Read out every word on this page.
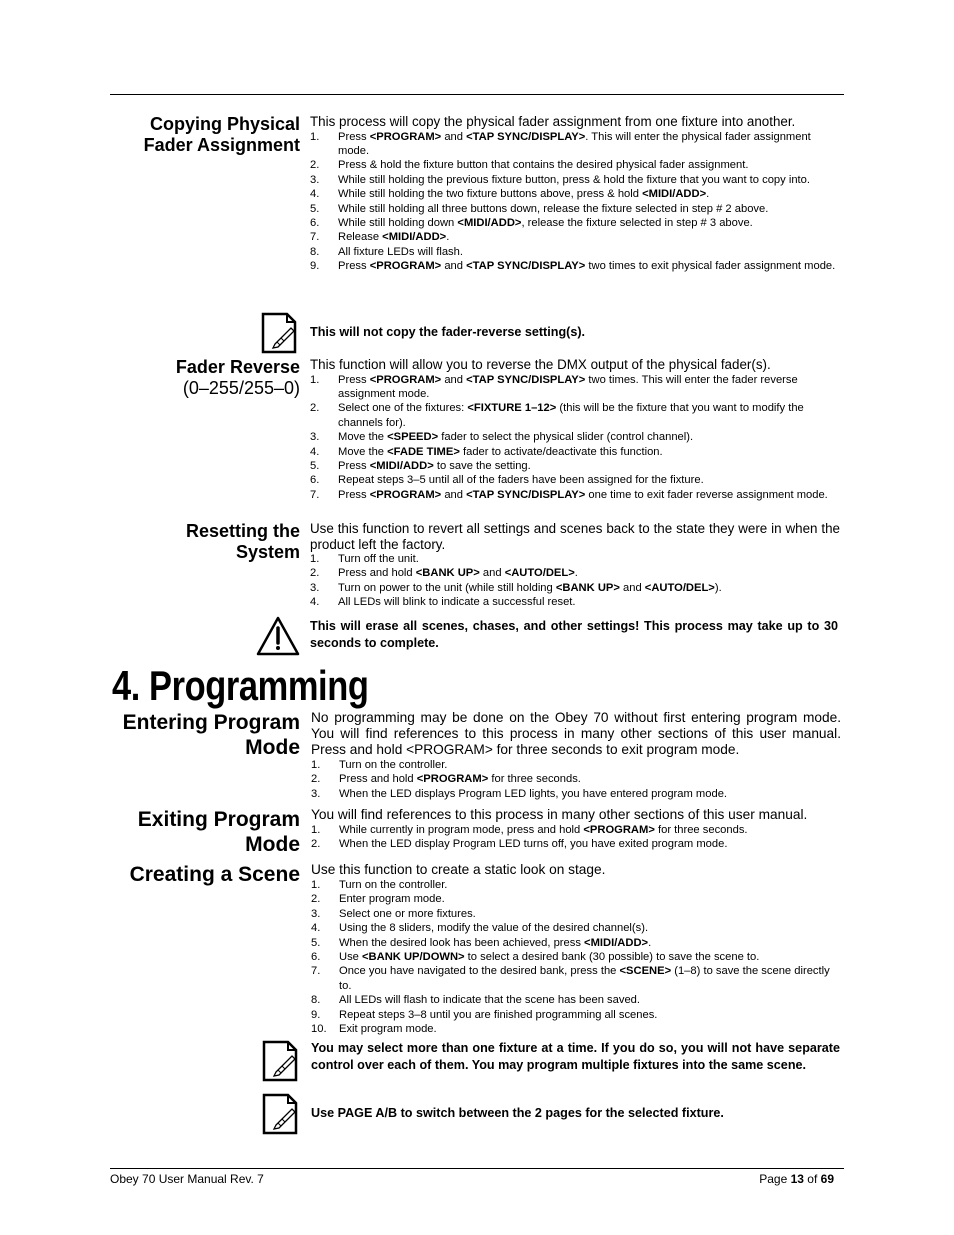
Copying Physical
Fader Assignment

This process will copy the physical fader assignment from one fixture into another.

1. Press <PROGRAM> and <TAP SYNC/DISPLAY>. This will enter the physical fader assignment mode.
2. Press & hold the fixture button that contains the desired physical fader assignment.
3. While still holding the previous fixture button, press & hold the fixture that you want to copy into.
4. While still holding the two fixture buttons above, press & hold <MIDI/ADD>.
5. While still holding all three buttons down, release the fixture selected in step # 2 above.
6. While still holding down <MIDI/ADD>, release the fixture selected in step # 3 above.
7. Release <MIDI/ADD>.
8. All fixture LEDs will flash.
9. Press <PROGRAM> and <TAP SYNC/DISPLAY> two times to exit physical fader assignment mode.
This will not copy the fader-reverse setting(s).
Fader Reverse
(0–255/255–0)

This function will allow you to reverse the DMX output of the physical fader(s).

1. Press <PROGRAM> and <TAP SYNC/DISPLAY> two times. This will enter the fader reverse assignment mode.
2. Select one of the fixtures: <FIXTURE 1–12> (this will be the fixture that you want to modify the channels for).
3. Move the <SPEED> fader to select the physical slider (control channel).
4. Move the <FADE TIME> fader to activate/deactivate this function.
5. Press <MIDI/ADD> to save the setting.
6. Repeat steps 3–5 until all of the faders have been assigned for the fixture.
7. Press <PROGRAM> and <TAP SYNC/DISPLAY> one time to exit fader reverse assignment mode.
Resetting the
System

Use this function to revert all settings and scenes back to the state they were in when the product left the factory.

1. Turn off the unit.
2. Press and hold <BANK UP> and <AUTO/DEL>.
3. Turn on power to the unit (while still holding <BANK UP> and <AUTO/DEL>).
4. All LEDs will blink to indicate a successful reset.
This will erase all scenes, chases, and other settings! This process may take up to 30 seconds to complete.
4. Programming
Entering Program
Mode

No programming may be done on the Obey 70 without first entering program mode. You will find references to this process in many other sections of this user manual. Press and hold <PROGRAM> for three seconds to exit program mode.

1. Turn on the controller.
2. Press and hold <PROGRAM> for three seconds.
3. When the LED displays Program LED lights, you have entered program mode.
Exiting Program
Mode

You will find references to this process in many other sections of this user manual.

1. While currently in program mode, press and hold <PROGRAM> for three seconds.
2. When the LED display Program LED turns off, you have exited program mode.
Creating a Scene Use this function to create a static look on stage.

1. Turn on the controller.
2. Enter program mode.
3. Select one or more fixtures.
4. Using the 8 sliders, modify the value of the desired channel(s).
5. When the desired look has been achieved, press <MIDI/ADD>.
6. Use <BANK UP/DOWN> to select a desired bank (30 possible) to save the scene to.
7. Once you have navigated to the desired bank, press the <SCENE> (1–8) to save the scene directly to.
8. All LEDs will flash to indicate that the scene has been saved.
9. Repeat steps 3–8 until you are finished programming all scenes.
10. Exit program mode.
You may select more than one fixture at a time. If you do so, you will not have separate control over each of them. You may program multiple fixtures into the same scene.
Use PAGE A/B to switch between the 2 pages for the selected fixture.
Obey 70 User Manual Rev. 7	Page 13 of 69
